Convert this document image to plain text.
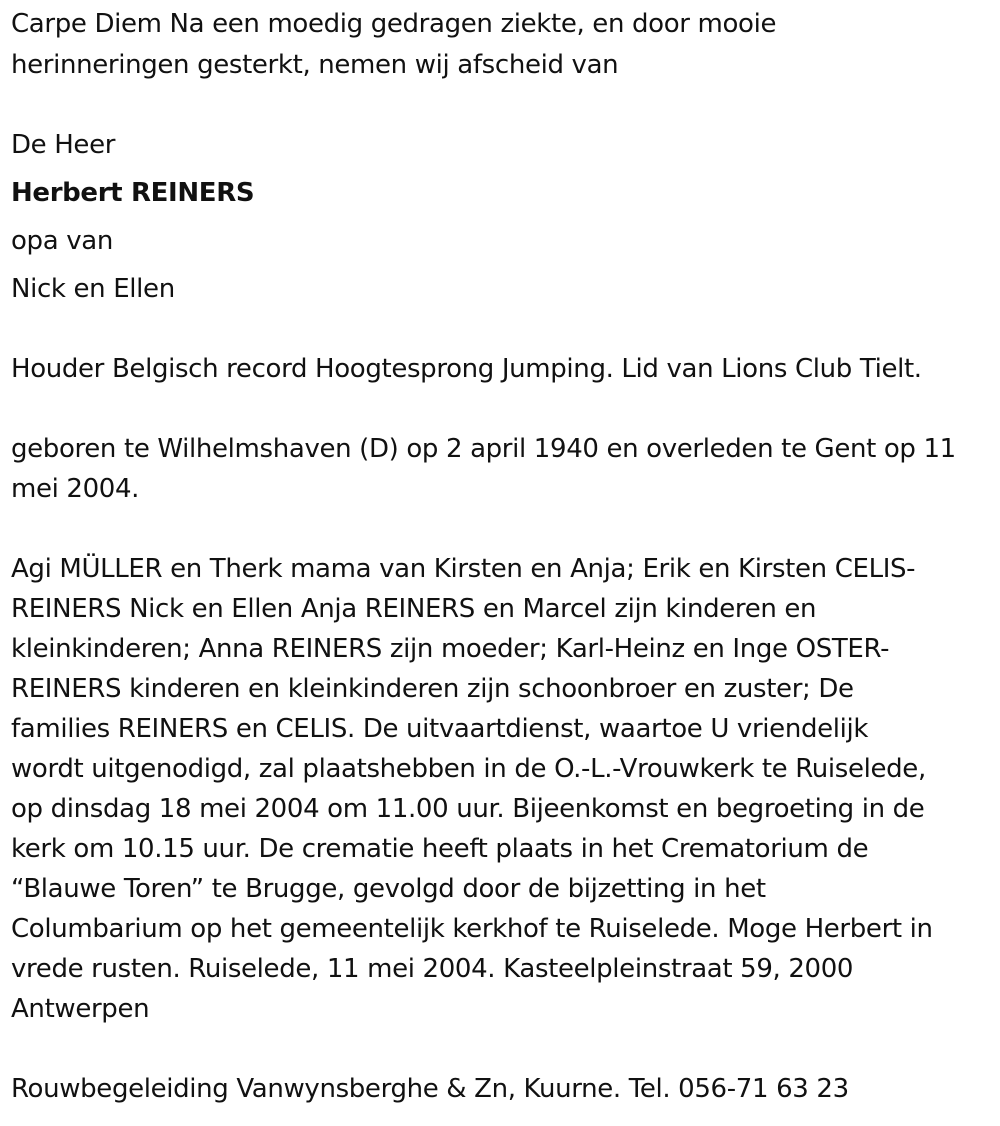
Carpe Diem Na een moedig gedragen ziekte, en door mooie
herinneringen gesterkt, nemen wij afscheid van
De Heer
Herbert REINERS
opa van
Nick en Ellen
Houder Belgisch record Hoogtesprong Jumping. Lid van Lions Club Tielt.
geboren te Wilhelmshaven (D) op 2 april 1940 en overleden te Gent op 11
mei 2004.
Agi MÜLLER en Therk mama van Kirsten en Anja; Erik en Kirsten CELIS-
REINERS Nick en Ellen Anja REINERS en Marcel zijn kinderen en
kleinkinderen; Anna REINERS zijn moeder; Karl-Heinz en Inge OSTER-
REINERS kinderen en kleinkinderen zijn schoonbroer en zuster; De
families REINERS en CELIS. De uitvaartdienst, waartoe U vriendelijk
wordt uitgenodigd, zal plaatshebben in de O.-L.-Vrouwkerk te Ruiselede,
op dinsdag 18 mei 2004 om 11.00 uur. Bijeenkomst en begroeting in de
kerk om 10.15 uur. De crematie heeft plaats in het Crematorium de
“Blauwe Toren” te Brugge, gevolgd door de bijzetting in het
Columbarium op het gemeentelijk kerkhof te Ruiselede. Moge Herbert in
vrede rusten. Ruiselede, 11 mei 2004. Kasteelpleinstraat 59, 2000
Antwerpen
Rouwbegeleiding Vanwynsberghe & Zn, Kuurne. Tel. 056-71 63 23
